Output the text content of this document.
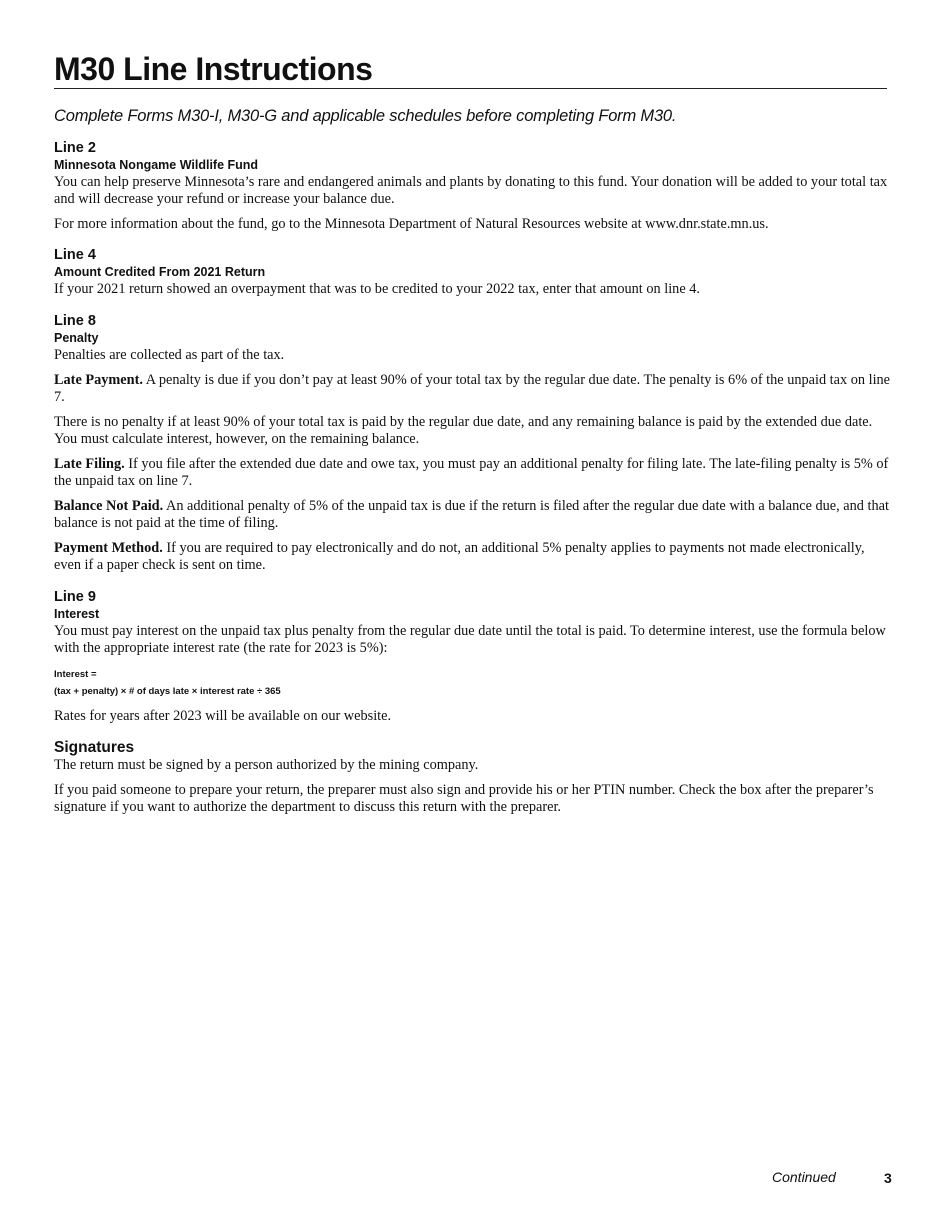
M30 Line Instructions
Complete Forms M30-I, M30-G and applicable schedules before completing Form M30.
Line 2
Minnesota Nongame Wildlife Fund

You can help preserve Minnesota’s rare and endangered animals and plants by donating to this fund. Your donation will be added to your total tax and will decrease your refund or increase your balance due.

For more information about the fund, go to the Minnesota Department of Natural Resources website at www.dnr.state.mn.us.

Line 4
Amount Credited From 2021 Return

If your 2021 return showed an overpayment that was to be credited to your 2022 tax, enter that amount on line 4.

Line 8
Penalty

Penalties are collected as part of the tax.

Late Payment. A penalty is due if you don’t pay at least 90% of your total tax by the regular due date. The penalty is 6% of the unpaid tax on line 7.

There is no penalty if at least 90% of your total tax is paid by the regular due date, and any remaining balance is paid by the extended due date. You must calculate interest, however, on the remaining balance.

Late Filing. If you file after the extended due date and owe tax, you must pay an additional penalty for filing late. The late-filing penalty is 5% of the unpaid tax on line 7.

Balance Not Paid. An additional penalty of 5% of the unpaid tax is due if the return is filed after the regular due date with a balance due, and that balance is not paid at the time of filing.

Payment Method. If you are required to pay electronically and do not, an additional 5% penalty applies to payments not made electronically, even if a paper check is sent on time.

Line 9
Interest

You must pay interest on the unpaid tax plus penalty from the regular due date until the total is paid. To determine interest, use the formula below with the appropriate interest rate (the rate for 2023 is 5%):

Interest =
(tax + penalty) × # of days late × interest rate ÷ 365

Rates for years after 2023 will be available on our website.

Signatures

The return must be signed by a person authorized by the mining company.

If you paid someone to prepare your return, the preparer must also sign and provide his or her PTIN number. Check the box after the preparer’s signature if you want to authorize the department to discuss this return with the preparer.

Continued	3
